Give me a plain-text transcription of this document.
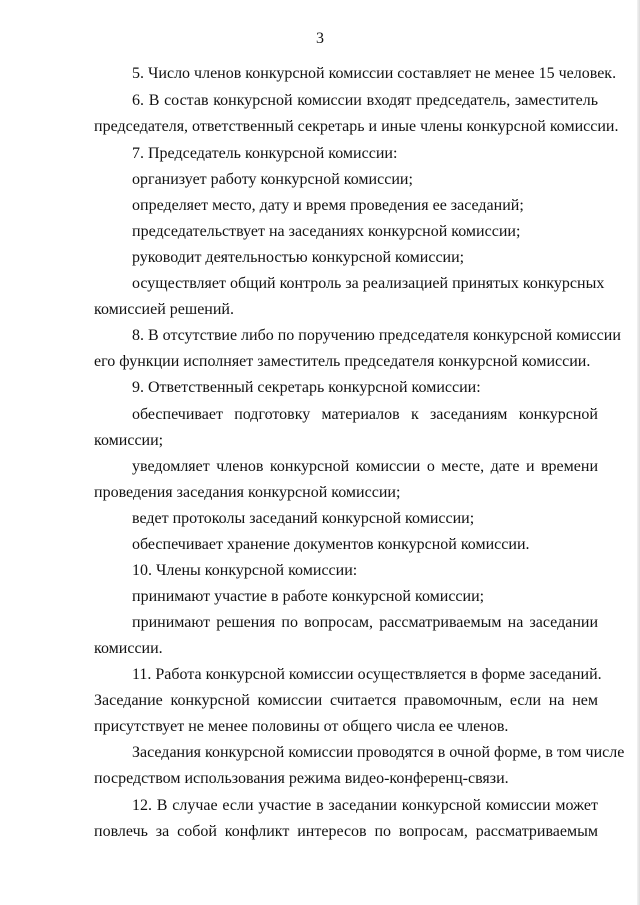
3
5. Число членов конкурсной комиссии составляет не менее 15 человек.
6. В состав конкурсной комиссии входят председатель, заместитель
председателя, ответственный секретарь и иные члены конкурсной комиссии.
7. Председатель конкурсной комиссии:
организует работу конкурсной комиссии;
определяет место, дату и время проведения ее заседаний;
председательствует на заседаниях конкурсной комиссии;
руководит деятельностью конкурсной комиссии;
осуществляет общий контроль за реализацией принятых конкурсных
комиссией решений.
8. В отсутствие либо по поручению председателя конкурсной комиссии
его функции исполняет заместитель председателя конкурсной комиссии.
9. Ответственный секретарь конкурсной комиссии:
обеспечивает подготовку материалов к заседаниям конкурсной
комиссии;
уведомляет членов конкурсной комиссии о месте, дате и времени
проведения заседания конкурсной комиссии;
ведет протоколы заседаний конкурсной комиссии;
обеспечивает хранение документов конкурсной комиссии.
10. Члены конкурсной комиссии:
принимают участие в работе конкурсной комиссии;
принимают решения по вопросам, рассматриваемым на заседании
комиссии.
11. Работа конкурсной комиссии осуществляется в форме заседаний.
Заседание конкурсной комиссии считается правомочным, если на нем
присутствует не менее половины от общего числа ее членов.
Заседания конкурсной комиссии проводятся в очной форме, в том числе
посредством использования режима видео-конференц-связи.
12. В случае если участие в заседании конкурсной комиссии может
повлечь за собой конфликт интересов по вопросам, рассматриваемым
